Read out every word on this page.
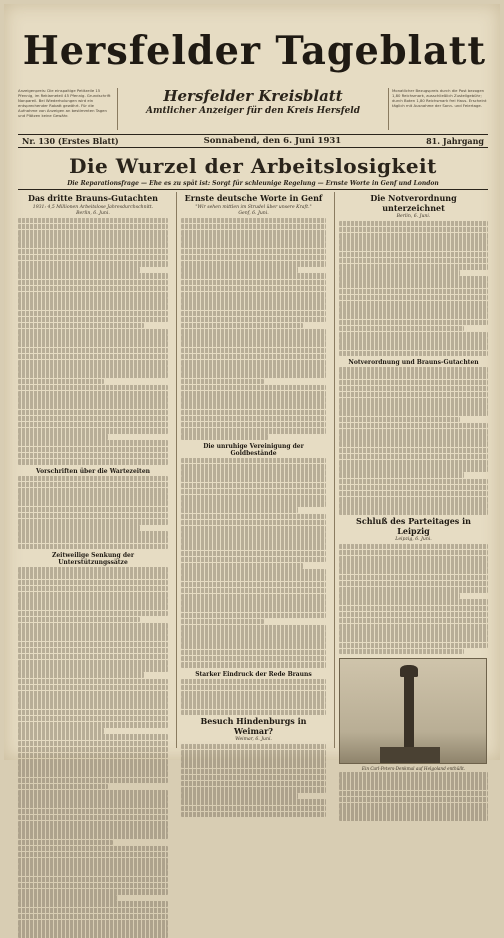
Hersfelder Tageblatt
Anzeigenpreis: Die einspaltige Petitzeile 15 Pfennig, im Reklameteil 45 Pfennig. Grundschrift Nonpareil. Bei Wiederholungen wird ein entsprechender Rabatt gewährt. Für die Aufnahme von Anzeigen an bestimmten Tagen und Plätzen keine Gewähr.
Hersfelder Kreisblatt
Amtlicher Anzeiger für den Kreis Hersfeld
Monatlicher Bezugspreis durch die Post bezogen 1,80 Reichsmark, ausschließlich Zustellgebühr; durch Boten 1,80 Reichsmark frei Haus. Erscheint täglich mit Ausnahme der Sonn- und Feiertage.
Nr. 130 (Erstes Blatt)	Sonnabend, den 6. Juni 1931	81. Jahrgang
Die Wurzel der Arbeitslosigkeit
Die Reparationsfrage — Ehe es zu spät ist: Sorgt für schleunige Regelung — Ernste Worte in Genf und London
Das dritte Brauns-Gutachten
1931: 4,5 Millionen Arbeitslose Jahresdurchschnitt.
Berlin, 6. Juni.
Vorschriften über die Wartezeiten
Zeitweilige Senkung der Unterstützungssätze
Ernste deutsche Worte in Genf
"Wir sehen mittlen im Strudel über unsere Kraft."
Genf, 6. Juni.
Die unruhige Vereinigung der Goldbestände
Starker Eindruck der Rede Brauns
Besuch Hindenburgs in Weimar?
Weimar, 6. Juni.
Die Notverordnung unterzeichnet
Berlin, 6. Juni.
Notverordnung und Brauns-Gutachten
Schluß des Parteitages in Leipzig
Leipzig, 6. Juni.
Ein Carl-Peters-Denkmal auf Helgoland enthüllt.
